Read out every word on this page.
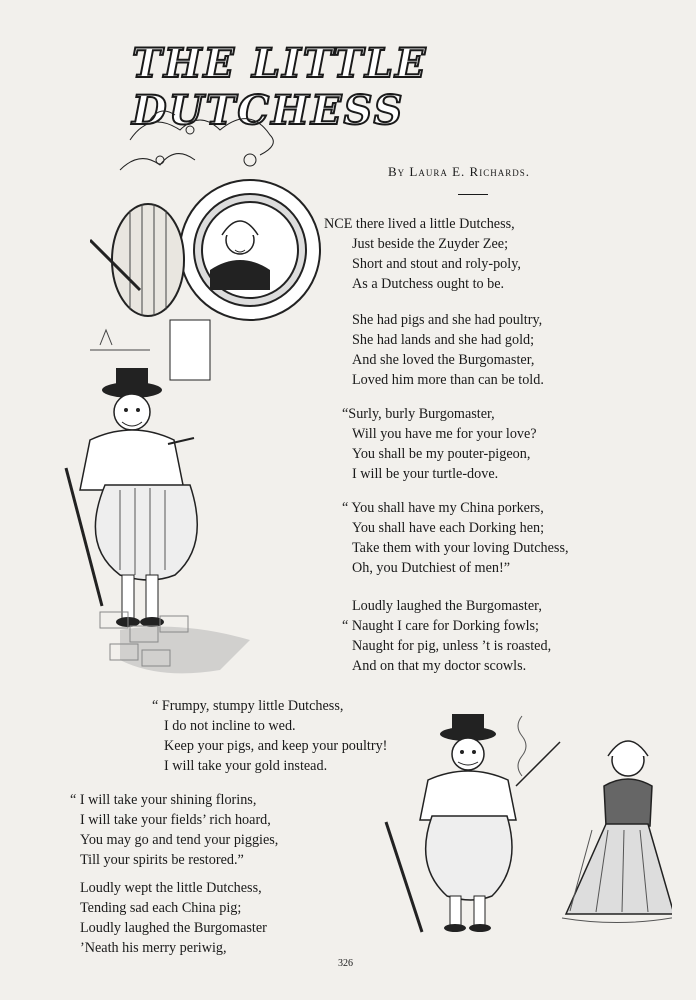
THE LITTLE DUTCHESS
By Laura E. Richards.
NCE there lived a little Dutchess,
Just beside the Zuyder Zee;
Short and stout and roly-poly,
As a Dutchess ought to be.
She had pigs and she had poultry,
She had lands and she had gold;
And she loved the Burgomaster,
Loved him more than can be told.
“Surly, burly Burgomaster,
Will you have me for your love?
You shall be my pouter-pigeon,
I will be your turtle-dove.
“ You shall have my China porkers,
You shall have each Dorking hen;
Take them with your loving Dutchess,
Oh, you Dutchiest of men!”
Loudly laughed the Burgomaster,
“ Naught I care for Dorking fowls;
Naught for pig, unless ’t is roasted,
And on that my doctor scowls.
“ Frumpy, stumpy little Dutchess,
I do not incline to wed.
Keep your pigs, and keep your poultry!
I will take your gold instead.
“ I will take your shining florins,
I will take your fields’ rich hoard,
You may go and tend your piggies,
Till your spirits be restored.”
Loudly wept the little Dutchess,
Tending sad each China pig;
Loudly laughed the Burgomaster
’Neath his merry periwig,
326
